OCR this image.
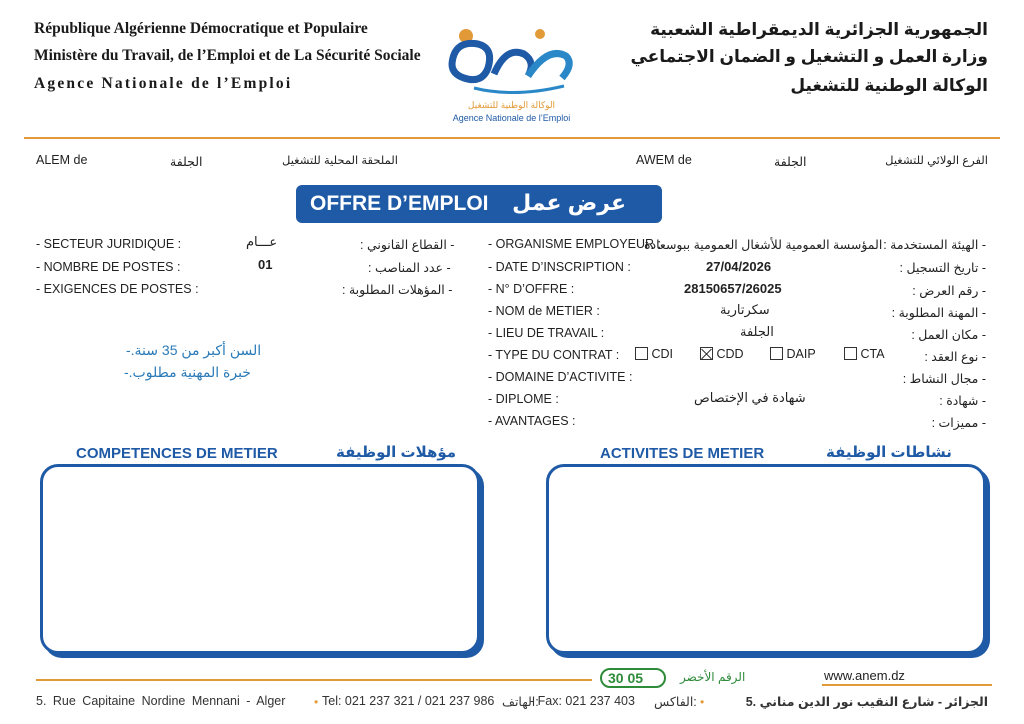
République Algérienne Démocratique et Populaire
Ministère du Travail, de l’Emploi et de La Sécurité Sociale
Agence Nationale de l’Emploi
الجمهورية الجزائرية الديمقراطية الشعبية
وزارة العمل و التشغيل و الضمان الاجتماعي
الوكالة الوطنية للتشغيل
الوكالة الوطنية للتشغيل
Agence Nationale de l’Emploi
ALEM de	الجلفة	الملحقة المحلية للتشغيل	AWEM de	الجلفة	الفرع الولائي للتشغيل
OFFRE D’EMPLOI عرض عمل
- SECTEUR JURIDIQUE :	عـــام	- القطاع القانوني :
- NOMBRE DE POSTES :	01	- عدد المناصب :
- EXIGENCES DE POSTES :	- المؤهلات المطلوبة :
السن أكبر من 35 سنة.-
خبرة المهنية مطلوب.-
- ORGANISME EMPLOYEUR :
المؤسسة العمومية للأشغال العمومية ببوسعادة - الهيئة المستخدمة :
- DATE D’INSCRIPTION :	27/04/2026	- تاريخ التسجيل :
- N° D’OFFRE :	28150657/26025	- رقم العرض :
- NOM de METIER :	سكرتارية	- المهنة المطلوبة :
- LIEU DE TRAVAIL :	الجلفة	- مكان العمل :
- TYPE DU CONTRAT :	- نوع العقد :
CDI	CDD	DAIP	CTA
- DOMAINE D’ACTIVITE :	- مجال النشاط :
- DIPLOME :	شهادة في الإختصاص	- شهادة :
- AVANTAGES :	- مميزات :
COMPETENCES DE METIER	مؤهلات الوظيفة	ACTIVITES DE METIER	نشاطات الوظيفة
30 05	الرقم الأخضر	www.anem.dz
5. Rue Capitaine Nordine Mennani - Alger • Tel: 021 237 321 / 021 237 986 :الهاتف
- Fax: 021 237 403 :الفاكس •	الجزائر - شارع النقيب نور الدين مناني .5
